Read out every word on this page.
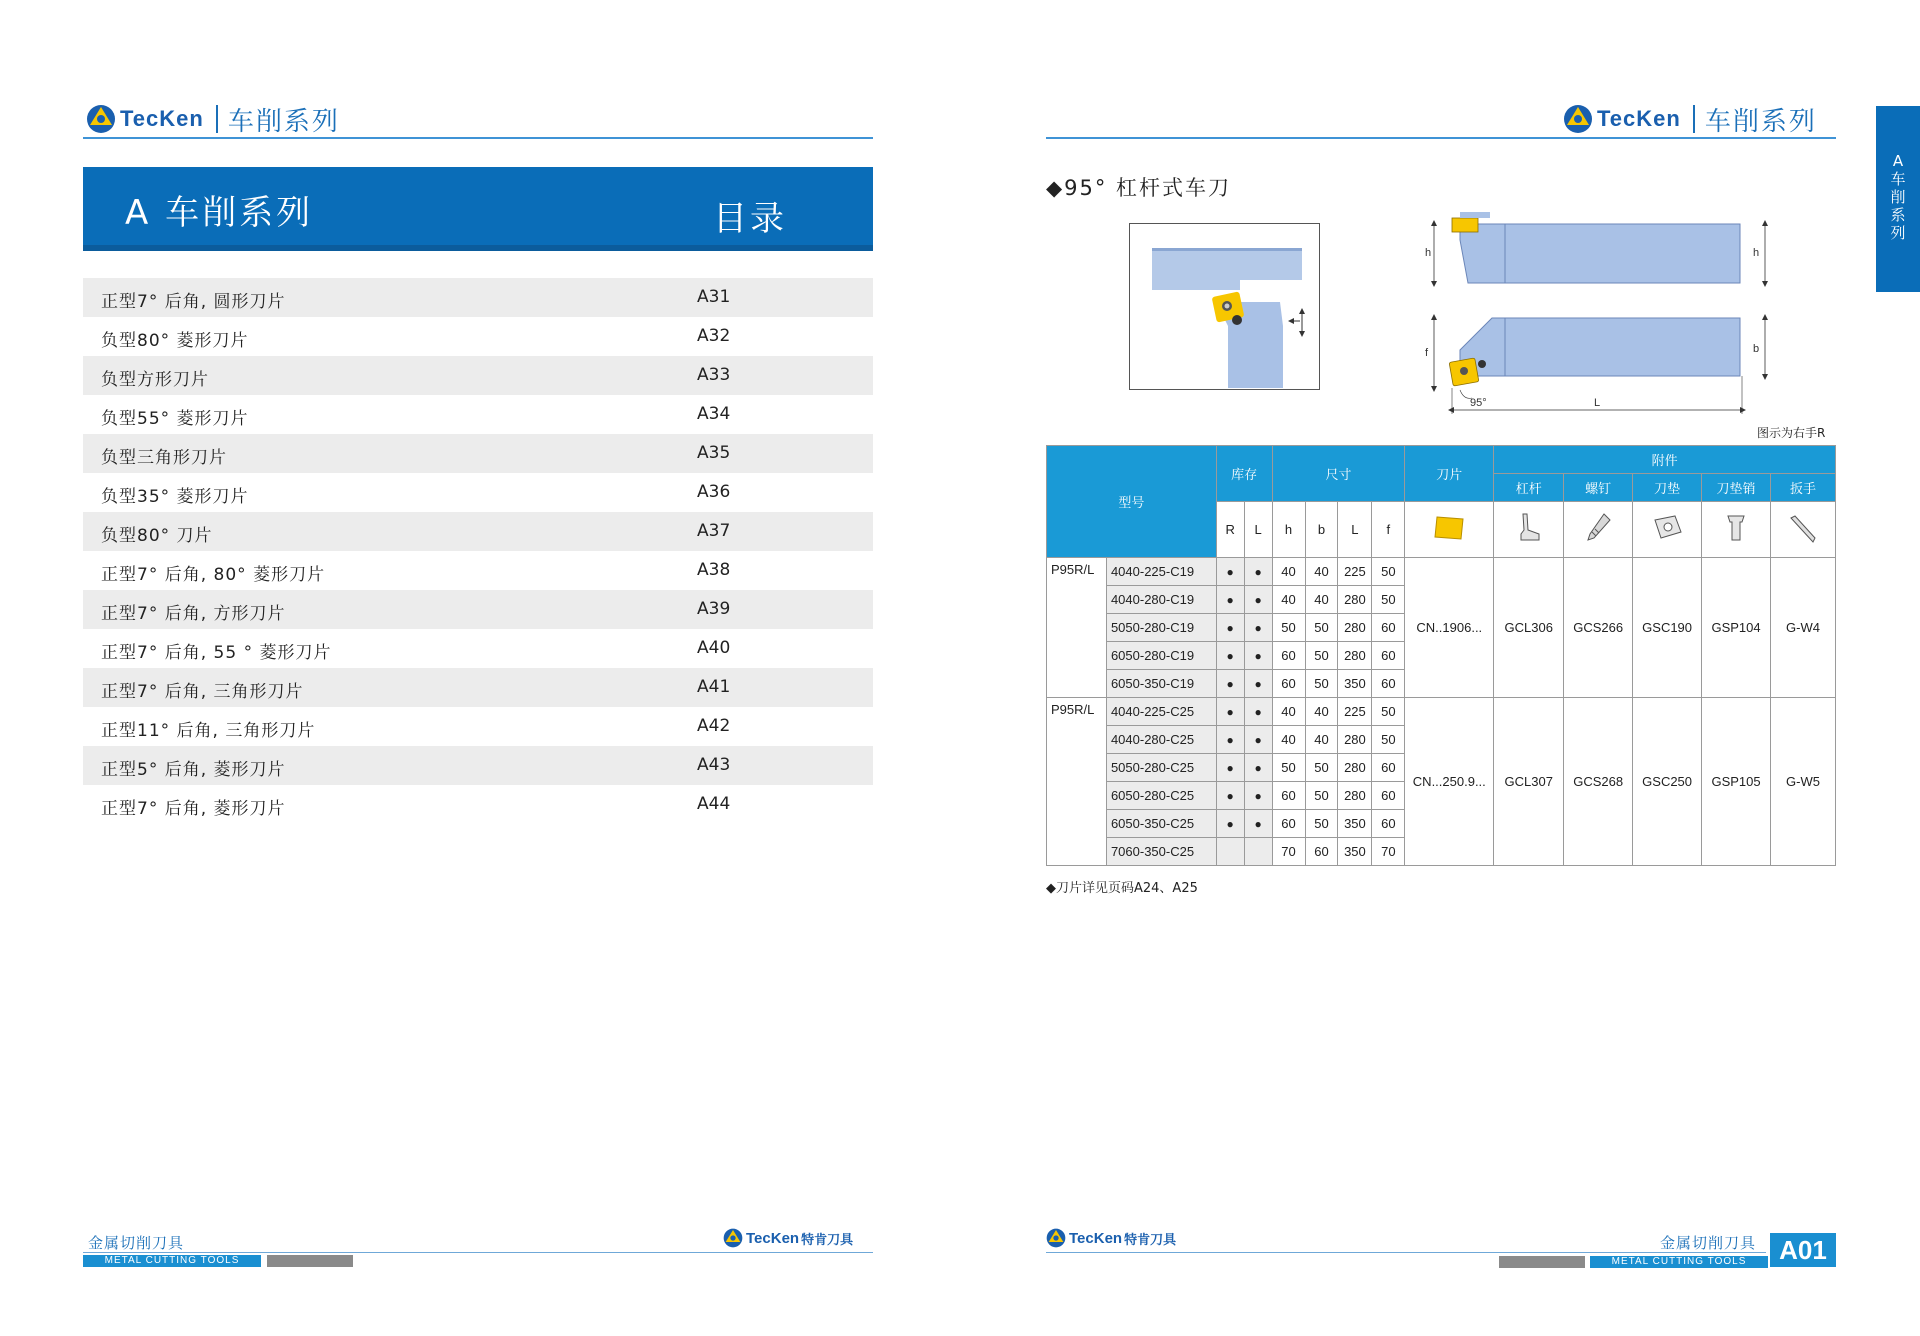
TecKen 车削系列
A 车削系列	目录
正型7° 后角, 圆形刀片	A31
负型80° 菱形刀片	A32
负型方形刀片	A33
负型55° 菱形刀片	A34
负型三角形刀片	A35
负型35° 菱形刀片	A36
负型80° 刀片	A37
正型7° 后角, 80° 菱形刀片	A38
正型7° 后角, 方形刀片	A39
正型7° 后角, 55 ° 菱形刀片	A40
正型7° 后角, 三角形刀片	A41
正型11° 后角, 三角形刀片	A42
正型5° 后角, 菱形刀片	A43
正型7° 后角, 菱形刀片	A44
金属切削刀具
METAL CUTTING TOOLS
TecKen 特肯刀具
TecKen 车削系列
A
车
削
系
列
◆95° 杠杆式车刀
h	h
f	b
L
95°
图示为右手R
型号		库存		尺寸				刀片	附件				
									杠杆	螺钉	刀垫	刀垫销	扳手
		R	L	h	b	L	f						
P95R/L	4040-225-C19	●	●	40	40	225	50	CN..1906...	GCL306	GCS266	GSC190	GSP104	G-W4
	4040-280-C19	●	●	40	40	280	50						
	5050-280-C19	●	●	50	50	280	60						
	6050-280-C19	●	●	60	50	280	60						
	6050-350-C19	●	●	60	50	350	60						
P95R/L	4040-225-C25	●	●	40	40	225	50	CN...250.9...	GCL307	GCS268	GSC250	GSP105	G-W5
	4040-280-C25	●	●	40	40	280	50						
	5050-280-C25	●	●	50	50	280	60						
	6050-280-C25	●	●	60	50	280	60						
	6050-350-C25	●	●	60	50	350	60						
	7060-350-C25			70	60	350	70						
◆刀片详见页码A24、A25
TecKen 特肯刀具	金属切削刀具
METAL CUTTING TOOLS	A01
